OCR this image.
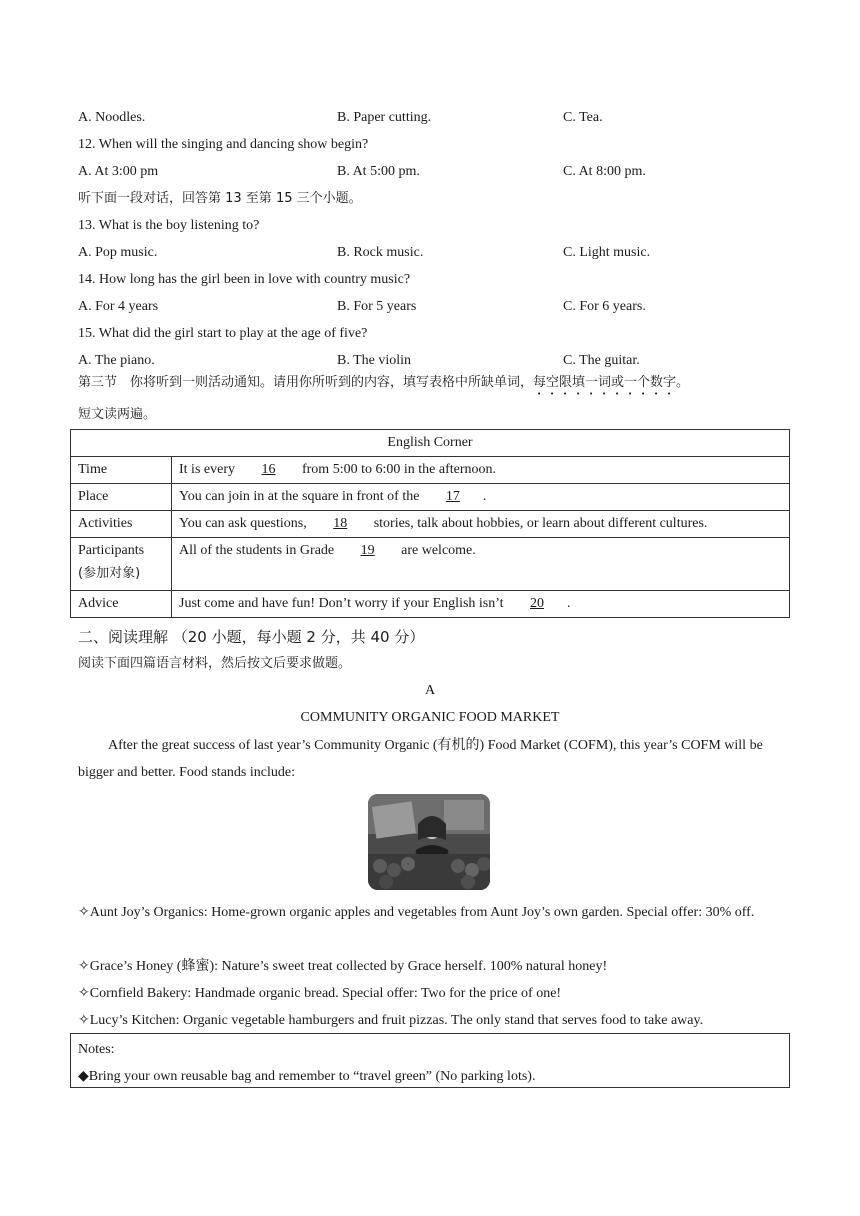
A. Noodles.	B. Paper cutting.	C. Tea.
12. When will the singing and dancing show begin?
A. At 3:00 pm	B. At 5:00 pm.	C. At 8:00 pm.
听下面一段对话，回答第 13 至第 15 三个小题。
13. What is the boy listening to?
A. Pop music.	B. Rock music.	C. Light music.
14. How long has the girl been in love with country music?
A. For 4 years	B. For 5 years	C. For 6 years.
15. What did the girl start to play at the age of five?
A. The piano.	B. The violin	C. The guitar.
第三节　你将听到一则活动通知。请用你所听到的内容，填写表格中所缺单词，每空限填一词或一个数字。
短文读两遍。
English Corner	
Time	It is every 16 from 5:00 to 6:00 in the afternoon.
Place	You can join in at the square in front of the 17 .
Activities	You can ask questions, 18 stories, talk about hobbies, or learn about different cultures.

Participants
(参加对象)	All of the students in Grade 19 are welcome.
Advice	Just come and have fun! Don’t worry if your English isn’t 20 .
二、阅读理解 （20 小题，每小题 2 分，共 40 分）
阅读下面四篇语言材料，然后按文后要求做题。
A
COMMUNITY ORGANIC FOOD MARKET
After the great success of last year’s Community Organic (有机的) Food Market (COFM), this year’s COFM will be bigger and better. Food stands include:
✧Aunt Joy’s Organics: Home-grown organic apples and vegetables from Aunt Joy’s own garden. Special offer: 30% off.
✧Grace’s Honey (蜂蜜): Nature’s sweet treat collected by Grace herself. 100% natural honey!
✧Cornfield Bakery: Handmade organic bread. Special offer: Two for the price of one!
✧Lucy’s Kitchen: Organic vegetable hamburgers and fruit pizzas. The only stand that serves food to take away.
Notes:
◆Bring your own reusable bag and remember to “travel green” (No parking lots).
